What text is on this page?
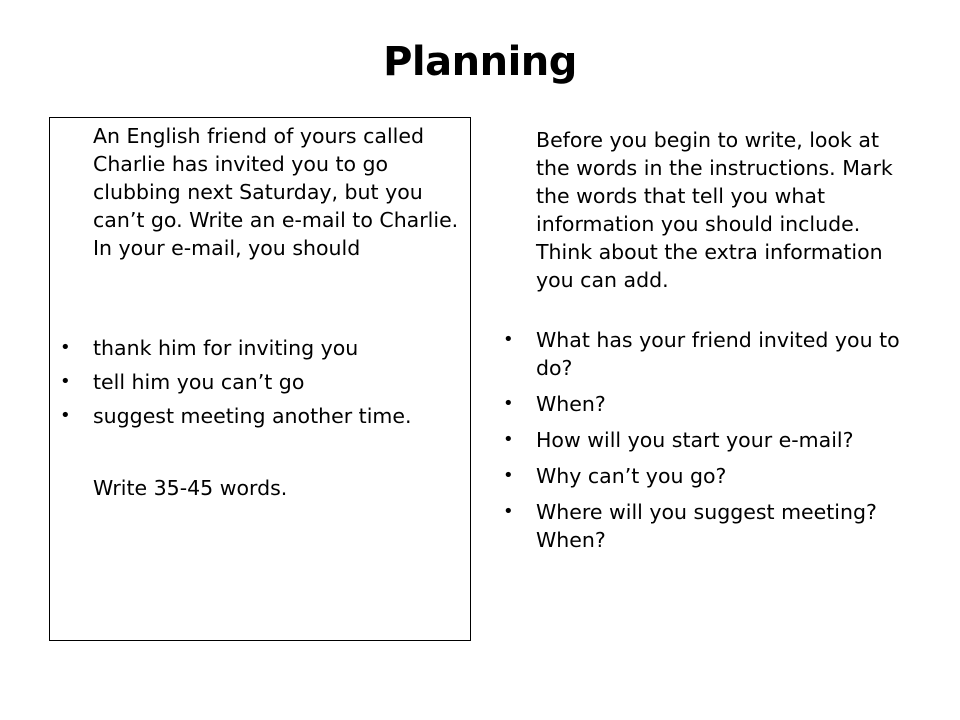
Planning

An English friend of yours called Charlie has invited you to go clubbing next Saturday, but you can’t go. Write an e-mail to Charlie. In your e-mail, you should

• thank him for inviting you
• tell him you can’t go
• suggest meeting another time.

Write 35-45 words.

Before you begin to write, look at the words in the instructions. Mark the words that tell you what information you should include. Think about the extra information you can add.

• What has your friend invited you to do?
• When?
• How will you start your e-mail?
• Why can’t you go?
• Where will you suggest meeting? When?
